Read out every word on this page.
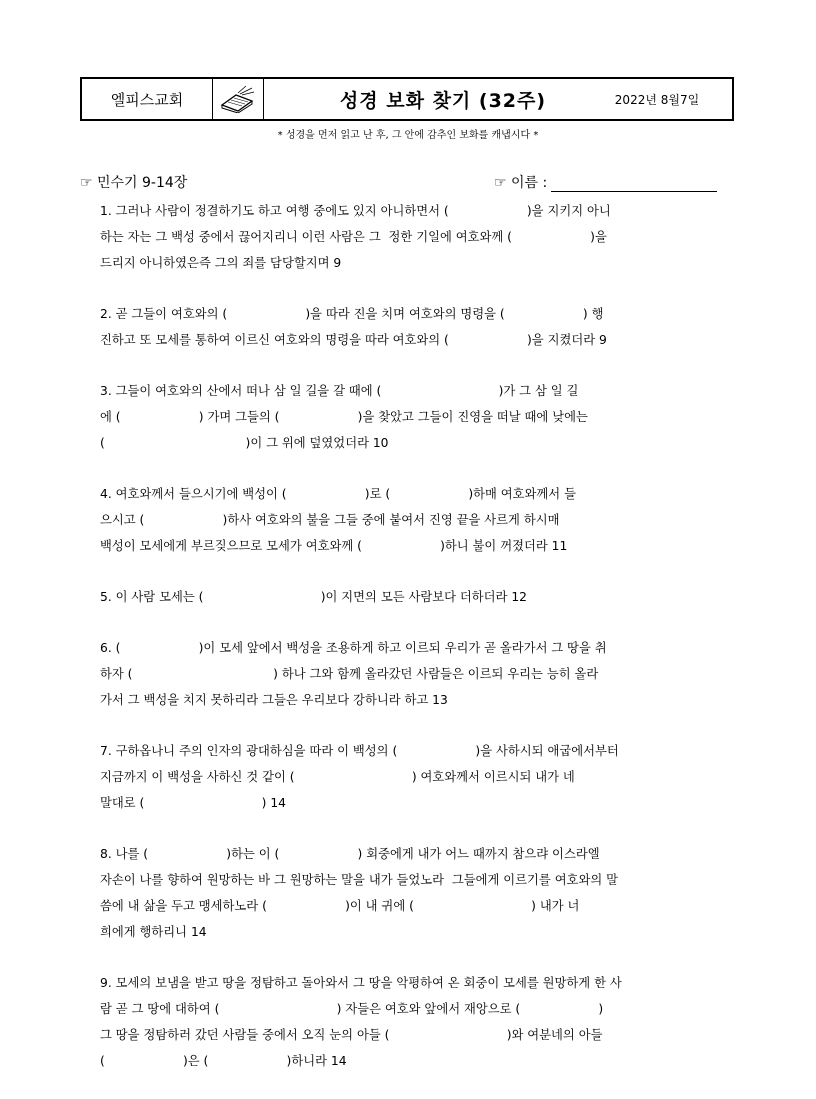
엘피스교회	성경 보화 찾기 (32주)	2022년 8월7일
* 성경을 먼저 읽고 난 후, 그 안에 감추인 보화를 캐냅시다 *
☞ 민수기 9-14장	☞ 이름 :
1. 그러나 사람이 정결하기도 하고 여행 중에도 있지 아니하면서 (                    )을 지키지 아니
하는 자는 그 백성 중에서 끊어지리니 이런 사람은 그  정한 기일에 여호와께 (                    )을
드리지 아니하였은즉 그의 죄를 담당할지며 9
2. 곧 그들이 여호와의 (                    )을 따라 진을 치며 여호와의 명령을 (                    ) 행
진하고 또 모세를 통하여 이르신 여호와의 명령을 따라 여호와의 (                    )을 지켰더라 9
3. 그들이 여호와의 산에서 떠나 삼 일 길을 갈 때에 (                              )가 그 삼 일 길
에 (                    ) 가며 그들의 (                    )을 찾았고 그들이 진영을 떠날 때에 낮에는
(                                    )이 그 위에 덮였었더라 10
4. 여호와께서 들으시기에 백성이 (                    )로 (                    )하매 여호와께서 들
으시고 (                    )하사 여호와의 불을 그들 중에 붙여서 진영 끝을 사르게 하시매
백성이 모세에게 부르짖으므로 모세가 여호와께 (                    )하니 불이 꺼졌더라 11
5. 이 사람 모세는 (                              )이 지면의 모든 사람보다 더하더라 12
6. (                    )이 모세 앞에서 백성을 조용하게 하고 이르되 우리가 곧 올라가서 그 땅을 취
하자 (                                    ) 하나 그와 함께 올라갔던 사람들은 이르되 우리는 능히 올라
가서 그 백성을 치지 못하리라 그들은 우리보다 강하니라 하고 13
7. 구하옵나니 주의 인자의 광대하심을 따라 이 백성의 (                    )을 사하시되 애굽에서부터
지금까지 이 백성을 사하신 것 같이 (                              ) 여호와께서 이르시되 내가 네
말대로 (                              ) 14
8. 나를 (                    )하는 이 (                    ) 회중에게 내가 어느 때까지 참으랴 이스라엘
자손이 나를 향하여 원망하는 바 그 원망하는 말을 내가 들었노라  그들에게 이르기를 여호와의 말
씀에 내 삶을 두고 맹세하노라 (                    )이 내 귀에 (                              ) 내가 너
희에게 행하리니 14
9. 모세의 보냄을 받고 땅을 정탐하고 돌아와서 그 땅을 악평하여 온 회중이 모세를 원망하게 한 사
람 곧 그 땅에 대하여 (                              ) 자들은 여호와 앞에서 재앙으로 (                    )
그 땅을 정탐하러 갔던 사람들 중에서 오직 눈의 아들 (                              )와 여분네의 아들
(                    )은 (                    )하니라 14
